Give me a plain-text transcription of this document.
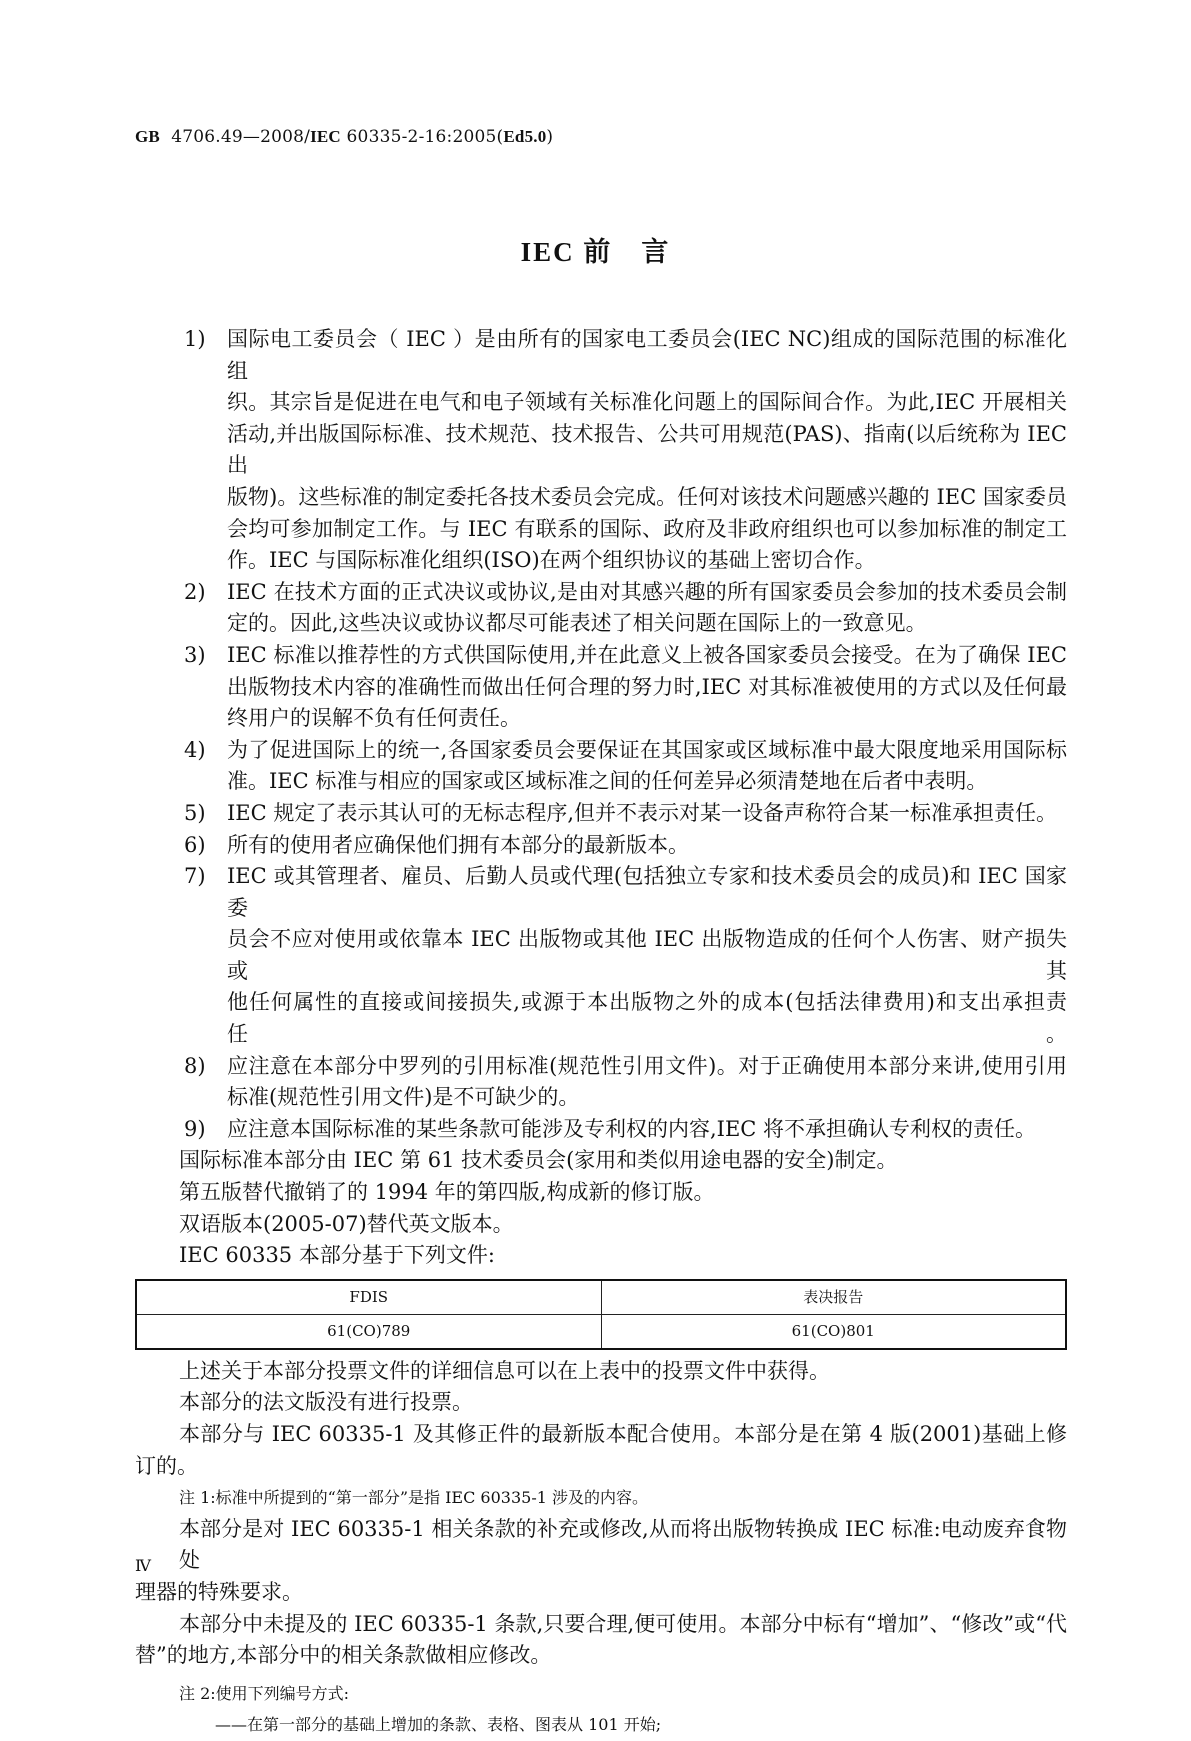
GB 4706.49—2008/IEC 60335-2-16:2005(Ed5.0)
IEC 前　言
1)	国际电工委员会（ IEC ）是由所有的国家电工委员会(IEC NC)组成的国际范围的标准化组
织。其宗旨是促进在电气和电子领域有关标准化问题上的国际间合作。为此,IEC 开展相关
活动,并出版国际标准、技术规范、技术报告、公共可用规范(PAS)、指南(以后统称为 IEC 出
版物)。这些标准的制定委托各技术委员会完成。任何对该技术问题感兴趣的 IEC 国家委员
会均可参加制定工作。与 IEC 有联系的国际、政府及非政府组织也可以参加标准的制定工
作。IEC 与国际标准化组织(ISO)在两个组织协议的基础上密切合作。
2)	IEC 在技术方面的正式决议或协议,是由对其感兴趣的所有国家委员会参加的技术委员会制
定的。因此,这些决议或协议都尽可能表述了相关问题在国际上的一致意见。
3)	IEC 标准以推荐性的方式供国际使用,并在此意义上被各国家委员会接受。在为了确保 IEC
出版物技术内容的准确性而做出任何合理的努力时,IEC 对其标准被使用的方式以及任何最
终用户的误解不负有任何责任。
4)	为了促进国际上的统一,各国家委员会要保证在其国家或区域标准中最大限度地采用国际标
准。IEC 标准与相应的国家或区域标准之间的任何差异必须清楚地在后者中表明。
5)	IEC 规定了表示其认可的无标志程序,但并不表示对某一设备声称符合某一标准承担责任。
6)	所有的使用者应确保他们拥有本部分的最新版本。
7)	IEC 或其管理者、雇员、后勤人员或代理(包括独立专家和技术委员会的成员)和 IEC 国家委
员会不应对使用或依靠本 IEC 出版物或其他 IEC 出版物造成的任何个人伤害、财产损失或其
他任何属性的直接或间接损失,或源于本出版物之外的成本(包括法律费用)和支出承担责任。
8)	应注意在本部分中罗列的引用标准(规范性引用文件)。对于正确使用本部分来讲,使用引用
标准(规范性引用文件)是不可缺少的。
9)	应注意本国际标准的某些条款可能涉及专利权的内容,IEC 将不承担确认专利权的责任。
国际标准本部分由 IEC 第 61 技术委员会(家用和类似用途电器的安全)制定。
第五版替代撤销了的 1994 年的第四版,构成新的修订版。
双语版本(2005-07)替代英文版本。
IEC 60335 本部分基于下列文件:
FDIS	表决报告
61(CO)789	61(CO)801
上述关于本部分投票文件的详细信息可以在上表中的投票文件中获得。
本部分的法文版没有进行投票。
本部分与 IEC 60335-1 及其修正件的最新版本配合使用。本部分是在第 4 版(2001)基础上修
订的。
注 1:标准中所提到的“第一部分”是指 IEC 60335-1 涉及的内容。
本部分是对 IEC 60335-1 相关条款的补充或修改,从而将出版物转换成 IEC 标准:电动废弃食物处
理器的特殊要求。
本部分中未提及的 IEC 60335-1 条款,只要合理,便可使用。本部分中标有“增加”、“修改”或“代
替”的地方,本部分中的相关条款做相应修改。
注 2:使用下列编号方式:
——在第一部分的基础上增加的条款、表格、图表从 101 开始;
Ⅳ
